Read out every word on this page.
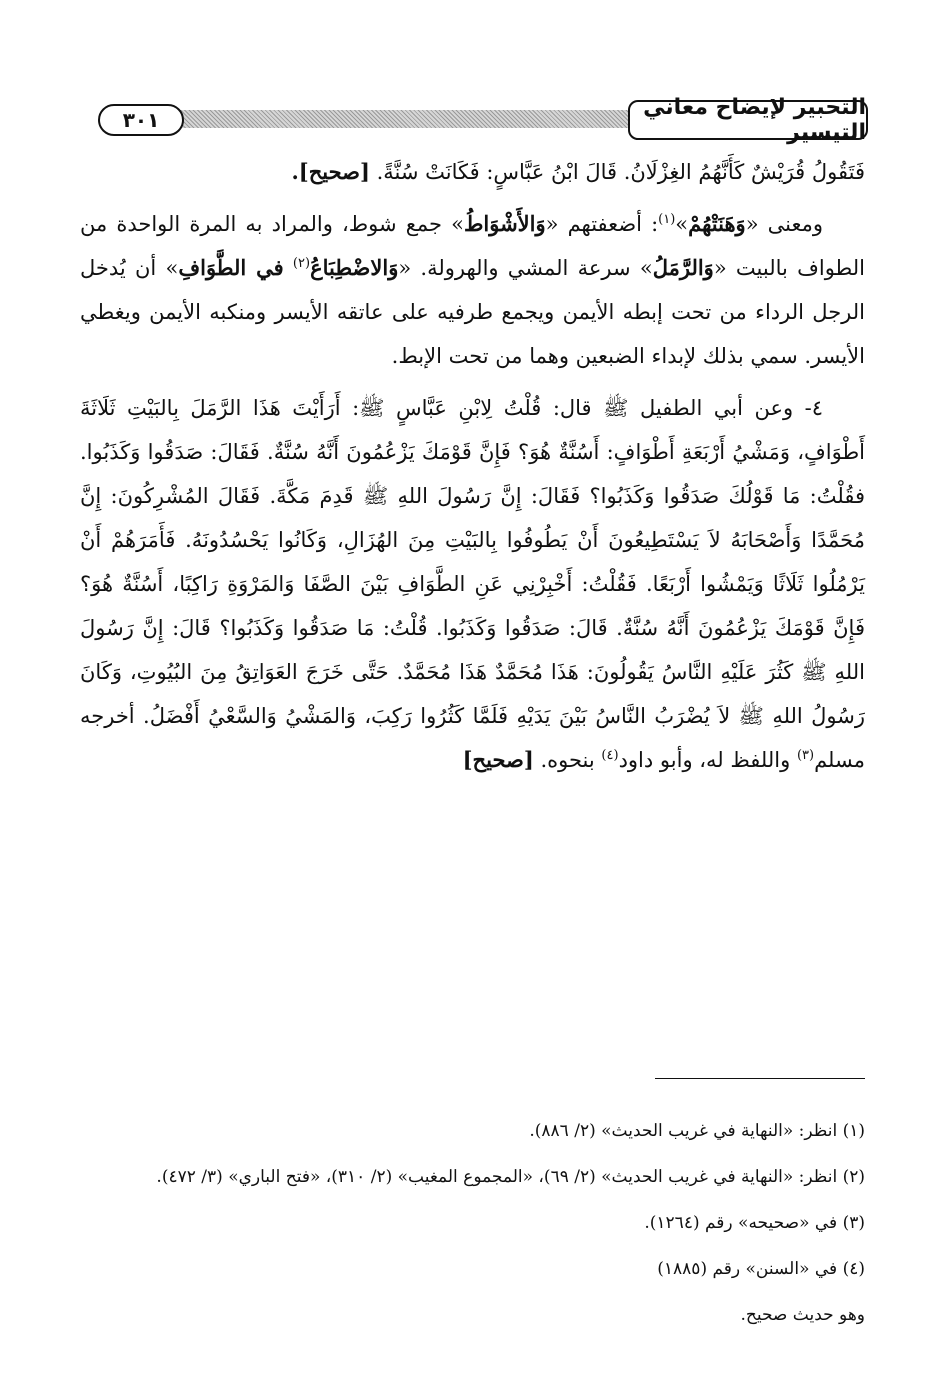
التحبير لإيضاح معاني التيسير
٣٠١

فَتَقُولُ قُرَيْشٌ كَأَنَّهُمُ الغِزْلَانُ. قَالَ ابْنُ عَبَّاسٍ: فَكَانَتْ سُنَّةً. [صحيح].

ومعنى «وَهَنَتْهُمْ»$^{(١)}$: أضعفتهم «وَالأَشْوَاطُ» جمع شوط، والمراد به المرة الواحدة من الطواف بالبيت «وَالرَّمَلُ» سرعة المشي والهرولة. «وَالاضْطِبَاعُ$^{(٢)}$ في الطَّوَافِ» أن يُدخل الرجل الرداء من تحت إبطه الأيمن ويجمع طرفيه على عاتقه الأيسر ومنكبه الأيمن ويغطي الأيسر. سمي بذلك لإبداء الضبعين وهما من تحت الإبط.

٤- وعن أبي الطفيل ﷺ قال: قُلْتُ لِابْنِ عَبَّاسٍ ﷺ: أَرَأَيْتَ هَذَا الرَّمَلَ بِالبَيْتِ ثَلَاثَةَ أَطْوَافٍ، وَمَشْيُ أَرْبَعَةِ أَطْوَافٍ: أَسُنَّةٌ هُوَ؟ فَإِنَّ قَوْمَكَ يَزْعُمُونَ أَنَّهُ سُنَّةٌ. فَقَالَ: صَدَقُوا وَكَذَبُوا. فقُلْتُ: مَا قَوْلُكَ صَدَقُوا وَكَذَبُوا؟ فَقَالَ: إِنَّ رَسُولَ اللهِ ﷺ قَدِمَ مَكَّةَ. فَقَالَ المُشْرِكُونَ: إِنَّ مُحَمَّدًا وَأَصْحَابَهُ لاَ يَسْتَطِيعُونَ أَنْ يَطُوفُوا بِالبَيْتِ مِنَ الهُزَالِ، وَكَانُوا يَحْسُدُونَهُ. فَأَمَرَهُمْ أَنْ يَرْمُلُوا ثَلَاثًا وَيَمْشُوا أَرْبَعًا. فَقُلْتُ: أَخْبِرْنِي عَنِ الطَّوَافِ بَيْنَ الصَّفَا وَالمَرْوَةِ رَاكِبًا، أَسُنَّةٌ هُوَ؟ فَإِنَّ قَوْمَكَ يَزْعُمُونَ أَنَّهُ سُنَّةٌ. قَالَ: صَدَقُوا وَكَذَبُوا. قُلْتُ: مَا صَدَقُوا وَكَذَبُوا؟ قَالَ: إِنَّ رَسُولَ اللهِ ﷺ كَثُرَ عَلَيْهِ النَّاسُ يَقُولُونَ: هَذَا مُحَمَّدٌ هَذَا مُحَمَّدٌ. حَتَّى خَرَجَ العَوَاتِقُ مِنَ البُيُوتِ، وَكَانَ رَسُولُ اللهِ ﷺ لاَ يُضْرَبُ النَّاسُ بَيْنَ يَدَيْهِ فَلَمَّا كَثُرُوا رَكِبَ، وَالمَشْيُ وَالسَّعْيُ أَفْضَلُ. أخرجه مسلم$^{(٣)}$ واللفظ له، وأبو داود$^{(٤)}$ بنحوه. [صحيح]

(١) انظر: «النهاية في غريب الحديث» (٢/ ٨٨٦).

(٢) انظر: «النهاية في غريب الحديث» (٢/ ٦٩)، «المجموع المغيب» (٢/ ٣١٠)، «فتح الباري» (٣/ ٤٧٢).

(٣) في «صحيحه» رقم (١٢٦٤).

(٤) في «السنن» رقم (١٨٨٥)

وهو حديث صحيح.
